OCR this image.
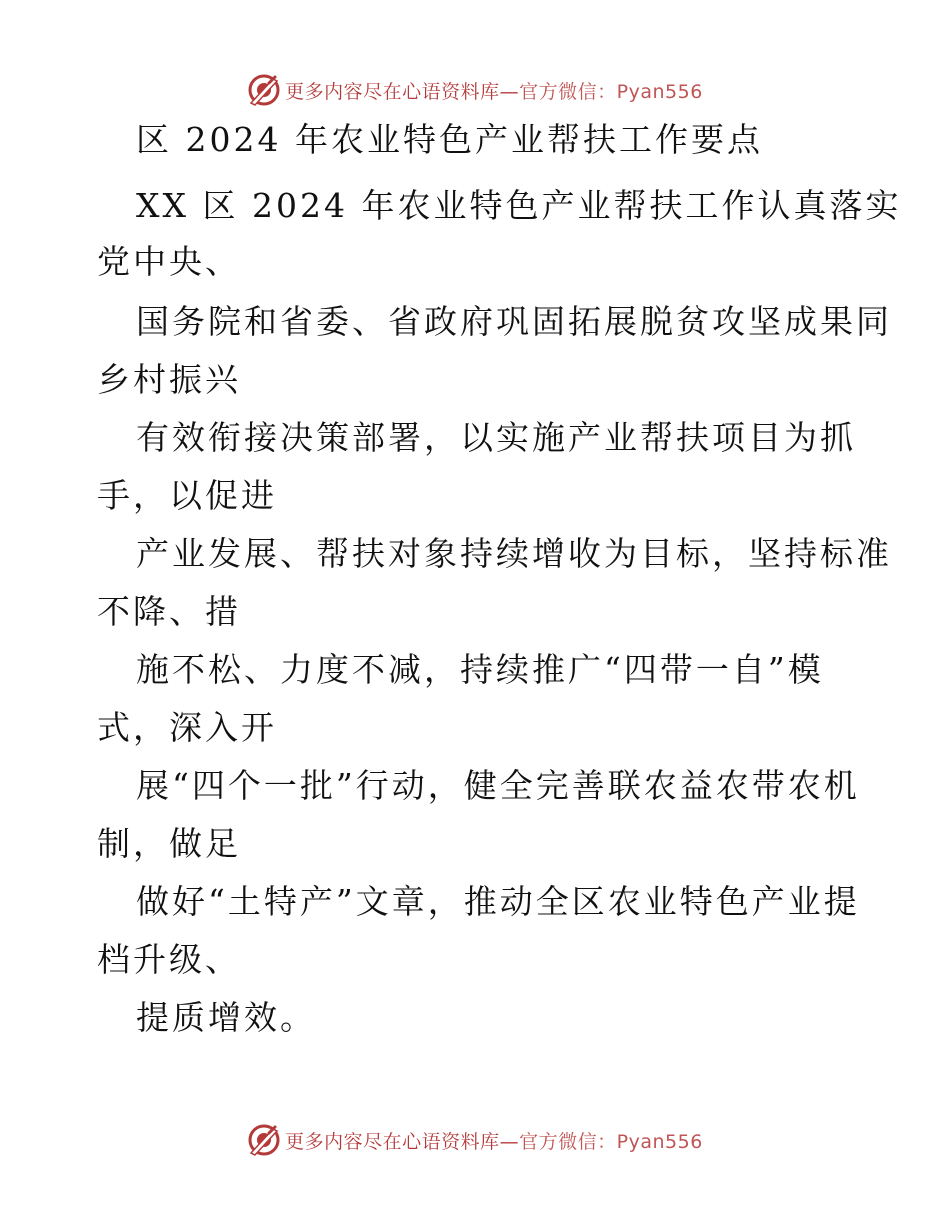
更多内容尽在心语资料库—官方微信：Pyan556
区 2024 年农业特色产业帮扶工作要点
XX 区 2024 年农业特色产业帮扶工作认真落实
党中央、
国务院和省委、省政府巩固拓展脱贫攻坚成果同
乡村振兴
有效衔接决策部署，以实施产业帮扶项目为抓
手，以促进
产业发展、帮扶对象持续增收为目标，坚持标准
不降、措
施不松、力度不减，持续推广“四带一自”模
式，深入开
展“四个一批”行动，健全完善联农益农带农机
制，做足
做好“土特产”文章，推动全区农业特色产业提
档升级、
提质增效。
更多内容尽在心语资料库—官方微信：Pyan556
